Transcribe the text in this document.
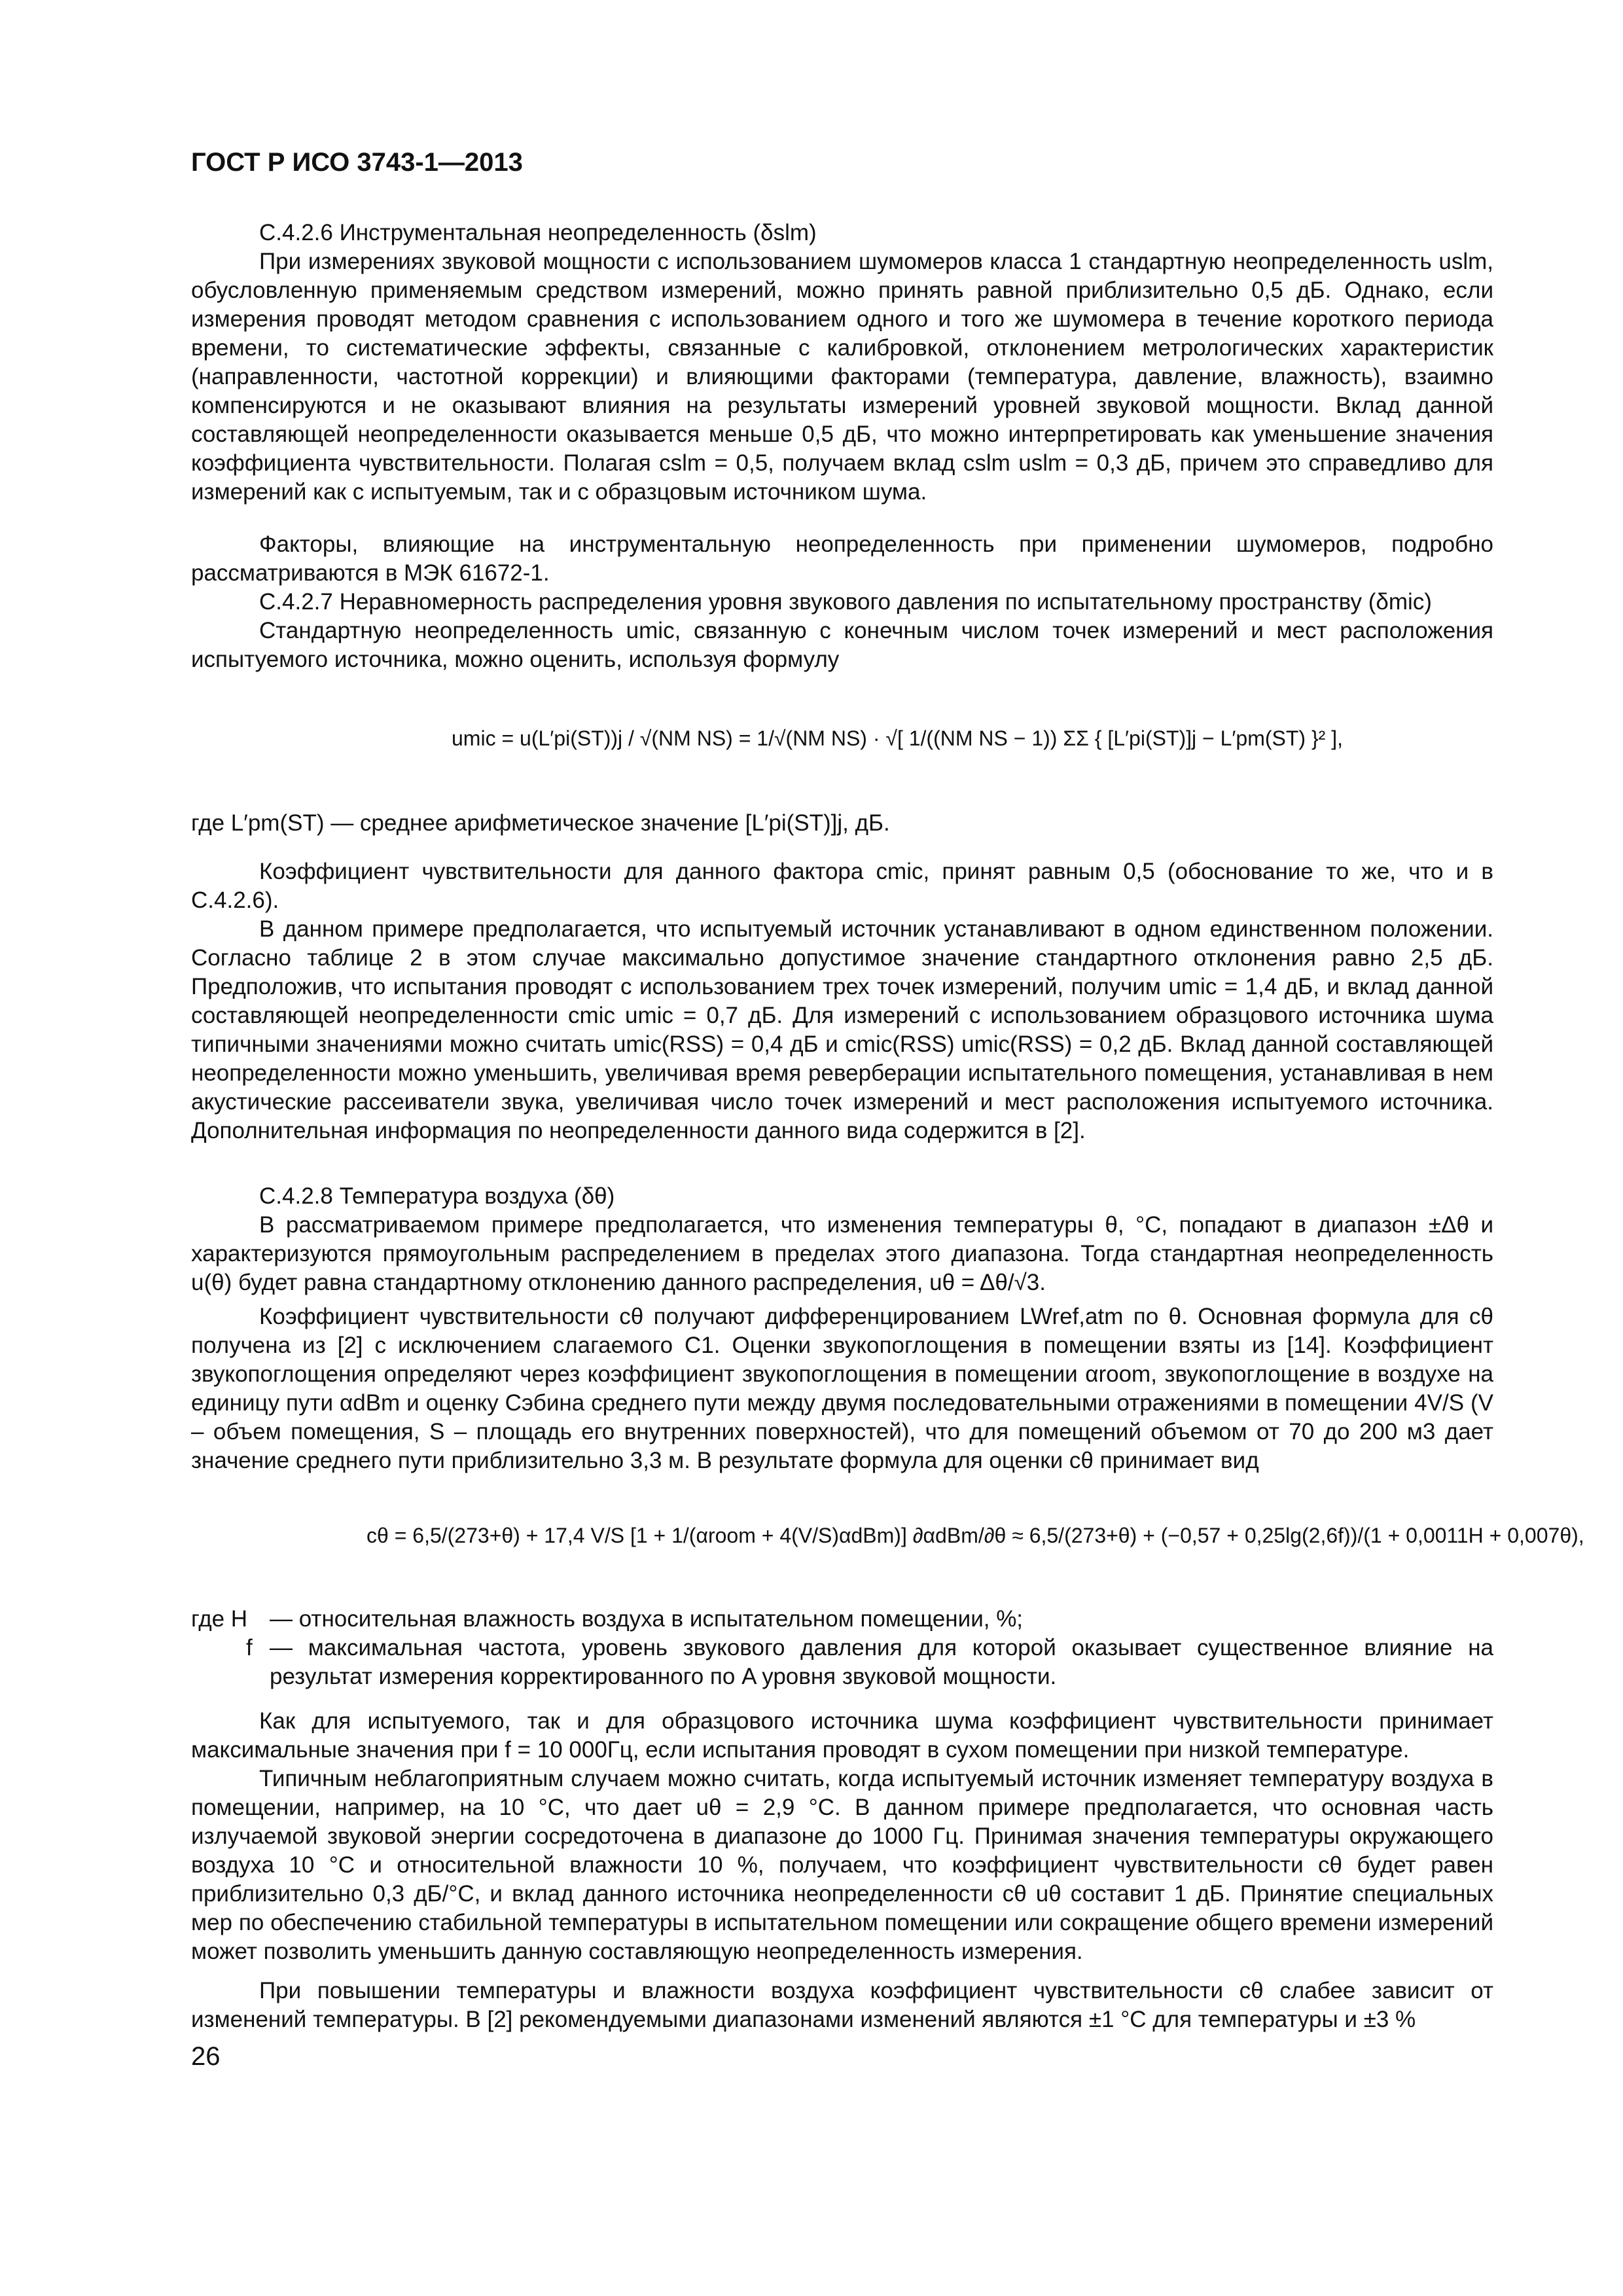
ГОСТ Р ИСО 3743-1—2013
С.4.2.6 Инструментальная неопределенность (δslm)
При измерениях звуковой мощности с использованием шумомеров класса 1 стандартную неопределенность uslm, обусловленную применяемым средством измерений, можно принять равной приблизительно 0,5 дБ. Однако, если измерения проводят методом сравнения с использованием одного и того же шумомера в течение короткого периода времени, то систематические эффекты, связанные с калибровкой, отклонением метрологических характеристик (направленности, частотной коррекции) и влияющими факторами (температура, давление, влажность), взаимно компенсируются и не оказывают влияния на результаты измерений уровней звуковой мощности. Вклад данной составляющей неопределенности оказывается меньше 0,5 дБ, что можно интерпретировать как уменьшение значения коэффициента чувствительности. Полагая cslm = 0,5, получаем вклад cslm uslm = 0,3 дБ, причем это справедливо для измерений как с испытуемым, так и с образцовым источником шума.
Факторы, влияющие на инструментальную неопределенность при применении шумомеров, подробно рассматриваются в МЭК 61672-1.
С.4.2.7 Неравномерность распределения уровня звукового давления по испытательному пространству (δmic)
Стандартную неопределенность umic, связанную с конечным числом точек измерений и мест расположения испытуемого источника, можно оценить, используя формулу
umic = u(L′pi(ST))j / √(NM NS) = 1/√(NM NS) · √[ 1/((NM NS − 1)) ΣΣ { [L′pi(ST)]j − L′pm(ST) }² ],
где L′pm(ST) — среднее арифметическое значение [L′pi(ST)]j, дБ.
Коэффициент чувствительности для данного фактора cmic, принят равным 0,5 (обоснование то же, что и в С.4.2.6).
В данном примере предполагается, что испытуемый источник устанавливают в одном единственном положении. Согласно таблице 2 в этом случае максимально допустимое значение стандартного отклонения равно 2,5 дБ. Предположив, что испытания проводят с использованием трех точек измерений, получим umic = 1,4 дБ, и вклад данной составляющей неопределенности cmic umic = 0,7 дБ. Для измерений с использованием образцового источника шума типичными значениями можно считать umic(RSS) = 0,4 дБ и cmic(RSS) umic(RSS) = 0,2 дБ. Вклад данной составляющей неопределенности можно уменьшить, увеличивая время реверберации испытательного помещения, устанавливая в нем акустические рассеиватели звука, увеличивая число точек измерений и мест расположения испытуемого источника. Дополнительная информация по неопределенности данного вида содержится в [2].
С.4.2.8 Температура воздуха (δθ)
В рассматриваемом примере предполагается, что изменения температуры θ, °С, попадают в диапазон ±Δθ и характеризуются прямоугольным распределением в пределах этого диапазона. Тогда стандартная неопределенность u(θ) будет равна стандартному отклонению данного распределения, uθ = Δθ/√3.
Коэффициент чувствительности cθ получают дифференцированием LWref,atm по θ. Основная формула для cθ получена из [2] с исключением слагаемого C1. Оценки звукопоглощения в помещении взяты из [14]. Коэффициент звукопоглощения определяют через коэффициент звукопоглощения в помещении αroom, звукопоглощение в воздухе на единицу пути αdBm и оценку Сэбина среднего пути между двумя последовательными отражениями в помещении 4V/S (V – объем помещения, S – площадь его внутренних поверхностей), что для помещений объемом от 70 до 200 м3 дает значение среднего пути приблизительно 3,3 м. В результате формула для оценки cθ принимает вид
cθ = 6,5/(273+θ) + 17,4 V/S [1 + 1/(αroom + 4(V/S)αdBm)] ∂αdBm/∂θ ≈ 6,5/(273+θ) + (−0,57 + 0,25lg(2,6f))/(1 + 0,0011H + 0,007θ),
где H — относительная влажность воздуха в испытательном помещении, %;
f — максимальная частота, уровень звукового давления для которой оказывает существенное влияние на результат измерения корректированного по A уровня звуковой мощности.
Как для испытуемого, так и для образцового источника шума коэффициент чувствительности принимает максимальные значения при f = 10 000Гц, если испытания проводят в сухом помещении при низкой температуре.
Типичным неблагоприятным случаем можно считать, когда испытуемый источник изменяет температуру воздуха в помещении, например, на 10 °С, что дает uθ = 2,9 °С. В данном примере предполагается, что основная часть излучаемой звуковой энергии сосредоточена в диапазоне до 1000 Гц. Принимая значения температуры окружающего воздуха 10 °С и относительной влажности 10 %, получаем, что коэффициент чувствительности cθ будет равен приблизительно 0,3 дБ/°С, и вклад данного источника неопределенности cθ uθ составит 1 дБ. Принятие специальных мер по обеспечению стабильной температуры в испытательном помещении или сокращение общего времени измерений может позволить уменьшить данную составляющую неопределенность измерения.
При повышении температуры и влажности воздуха коэффициент чувствительности cθ слабее зависит от изменений температуры. В [2] рекомендуемыми диапазонами изменений являются ±1 °С для температуры и ±3 %
26
